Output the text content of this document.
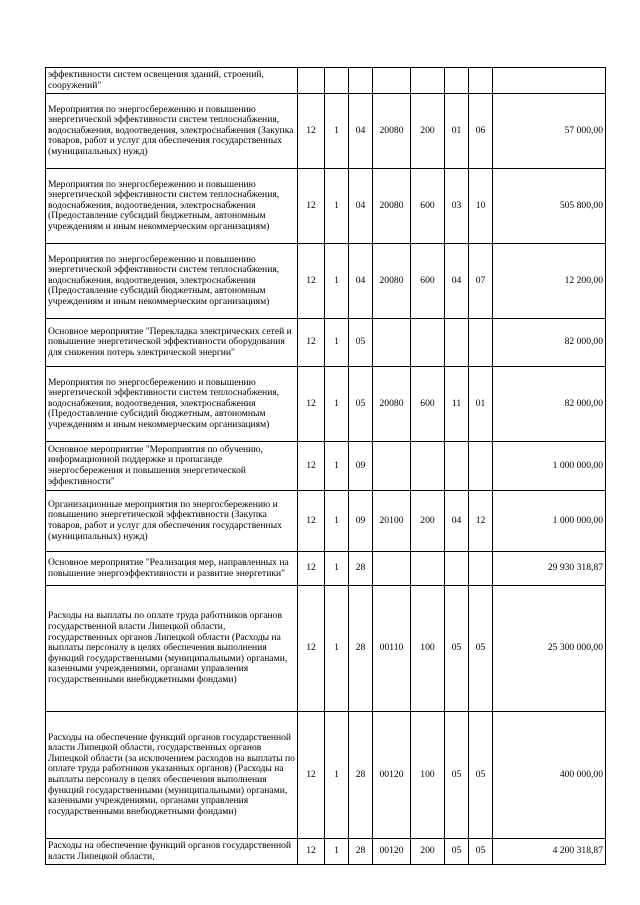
эффективности систем освещения зданий, строений, сооружений"								
Мероприятия по энергосбережению и повышению энергетической эффективности систем теплоснабжения, водоснабжения, водоотведения, электроснабжения (Закупка товаров, работ и услуг для обеспечения государственных (муниципальных) нужд)	12	1	04	20080	200	01	06	57 000,00
Мероприятия по энергосбережению и повышению энергетической эффективности систем теплоснабжения, водоснабжения, водоотведения, электроснабжения (Предоставление субсидий бюджетным, автономным учреждениям и иным некоммерческим организациям)	12	1	04	20080	600	03	10	505 800,00
Мероприятия по энергосбережению и повышению энергетической эффективности систем теплоснабжения, водоснабжения, водоотведения, электроснабжения (Предоставление субсидий бюджетным, автономным учреждениям и иным некоммерческим организациям)	12	1	04	20080	600	04	07	12 200,00
Основное мероприятие "Перекладка электрических сетей и повышение энергетической эффективности оборудования для снижения потерь электрической энергии"	12	1	05					82 000,00
Мероприятия по энергосбережению и повышению энергетической эффективности систем теплоснабжения, водоснабжения, водоотведения, электроснабжения (Предоставление субсидий бюджетным, автономным учреждениям и иным некоммерческим организациям)	12	1	05	20080	600	11	01	82 000,00
Основное мероприятие "Мероприятия по обучению, информационной поддержке и пропаганде энергосбережения и повышения энергетической эффективности"	12	1	09					1 000 000,00
Организационные мероприятия по энергосбережению и повышению энергетической эффективности (Закупка товаров, работ и услуг для обеспечения государственных (муниципальных) нужд)	12	1	09	20100	200	04	12	1 000 000,00
Основное мероприятие "Реализация мер, направленных на повышение энергоэффективности и развитие энергетики"	12	1	28					29 930 318,87
Расходы на выплаты по оплате труда работников органов государственной власти Липецкой области, государственных органов Липецкой области (Расходы на выплаты персоналу в целях обеспечения выполнения функций государственными (муниципальными) органами, казенными учреждениями, органами управления государственными внебюджетными фондами)	12	1	28	00110	100	05	05	25 300 000,00
Расходы на обеспечение функций органов государственной власти Липецкой области, государственных органов Липецкой области (за исключением расходов на выплаты по оплате труда работников указанных органов) (Расходы на выплаты персоналу в целях обеспечения выполнения функций государственными (муниципальными) органами, казенными учреждениями, органами управления государственными внебюджетными фондами)	12	1	28	00120	100	05	05	400 000,00
Расходы на обеспечение функций органов государственной власти Липецкой области,	12	1	28	00120	200	05	05	4 200 318,87
